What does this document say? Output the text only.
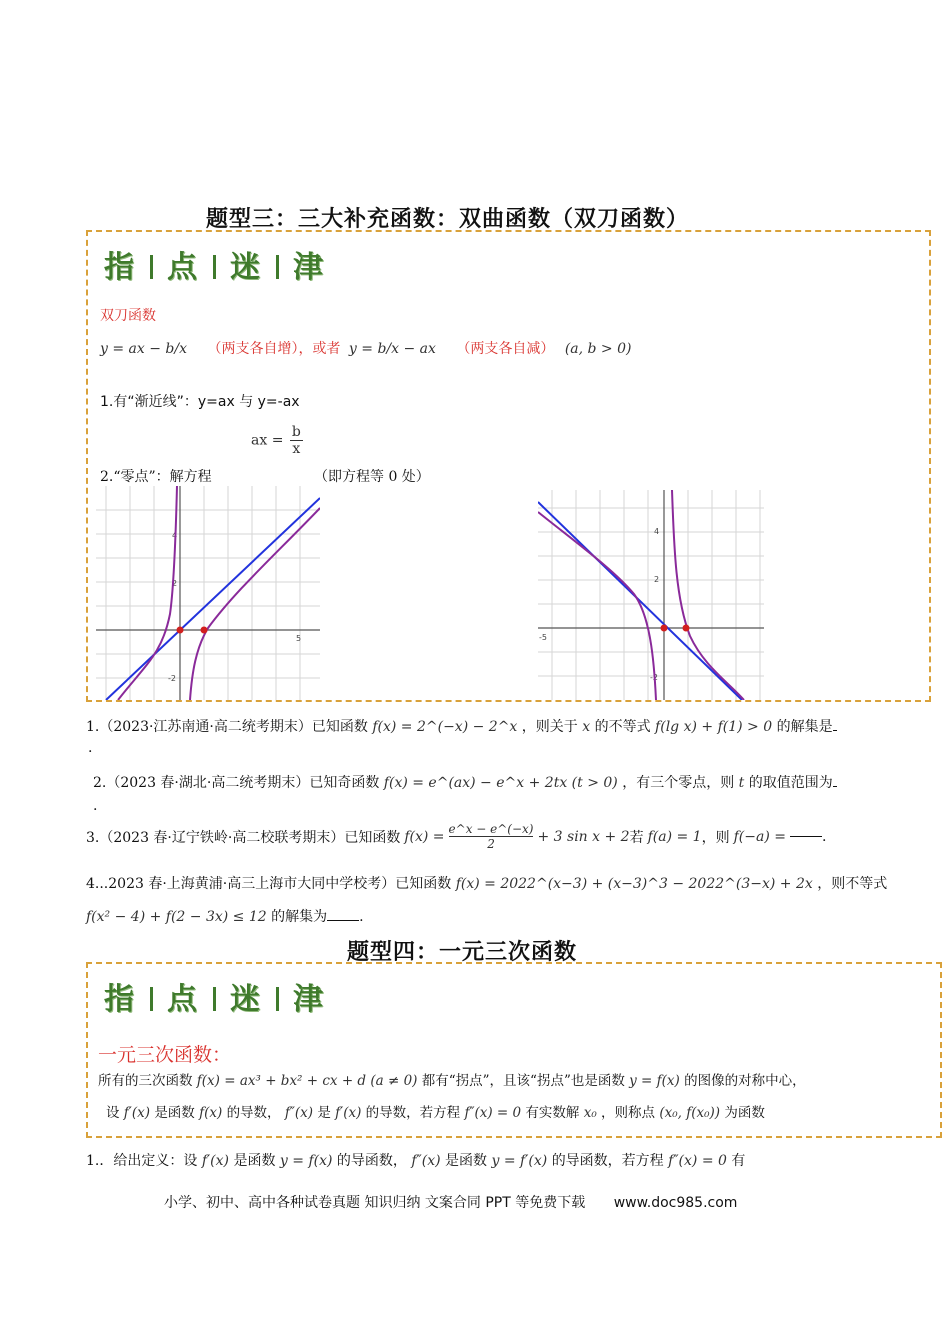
题型三：三大补充函数：双曲函数（双刀函数）
指 点 迷 津
双刀函数
y = ax − b/x （两支各自增），或者 y = b/x − ax （两支各自减） (a, b > 0)
1.有“渐近线”：y=ax 与 y=-ax
ax = $\frac{b}{x}$
2.“零点”：解方程	（即方程等 0 处）
4
2
5
-2
4
2
-5
-2
1.（2023·江苏南通·高二统考期末）已知函数 f(x) = 2^(−x) − 2^x ，则关于 x 的不等式 f(lg x) + f(1) > 0 的解集是
.
2.（2023 春·湖北·高二统考期末）已知奇函数 f(x) = e^(ax) − e^x + 2tx (t > 0) ，有三个零点，则 t 的取值范围为
.
3.（2023 春·辽宁铁岭·高二校联考期末）已知函数 $f(x) = \frac{e\^{}x - e\^{}(-x)}{2} + 3$ sin x + 2 若 f(a) = 1 ，则 f(−a) =	.
4...2023 春·上海黄浦·高三上海市大同中学校考）已知函数 f(x) = 2022^(x−3) + (x−3)^3 − 2022^(3−x) + 2x ，则不等式
f(x² − 4) + f(2 − 3x) ≤ 12 的解集为 .
题型四：一元三次函数
指 点 迷 津
一元三次函数：
所有的三次函数 f(x) = ax³ + bx² + cx + d (a ≠ 0) 都有“拐点”，且该“拐点”也是函数 y = f(x) 的图像的对称中心，
设 f′(x) 是函数 f(x) 的导数， f″(x) 是 f′(x) 的导数，若方程 f″(x) = 0 有实数解 x₀ ，则称点 (x₀, f(x₀)) 为函数
1.．给出定义：设 f′(x) 是函数 y = f(x) 的导函数， f″(x) 是函数 y = f′(x) 的导函数，若方程 f″(x) = 0 有
小学、初中、高中各种试卷真题 知识归纳 文案合同 PPT 等免费下载 www.doc985.com
